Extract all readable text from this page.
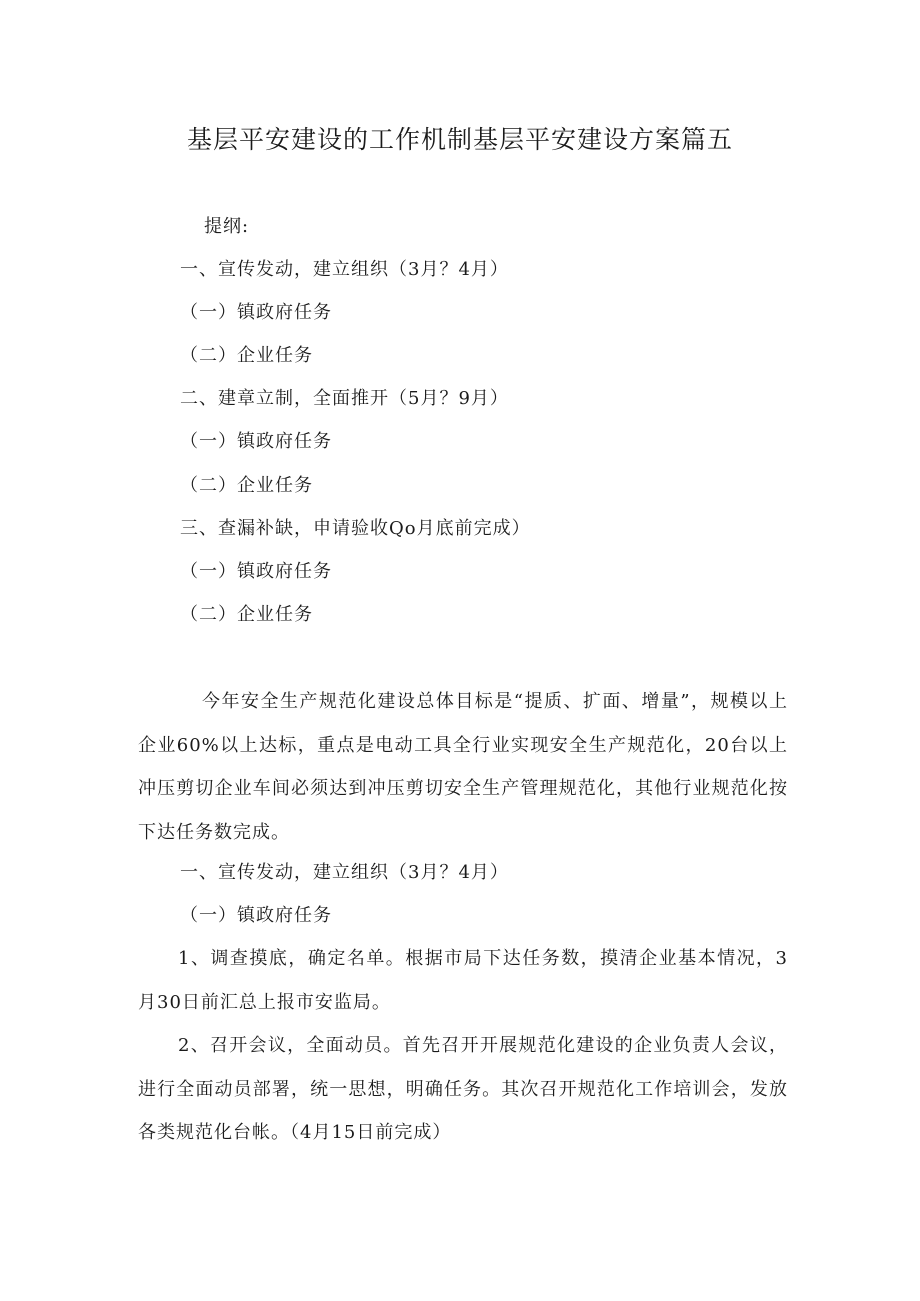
基层平安建设的工作机制基层平安建设方案篇五
提纲:
一、宣传发动，建立组织（3月？4月）
（一）镇政府任务
（二）企业任务
二、建章立制，全面推开（5月？9月）
（一）镇政府任务
（二）企业任务
三、查漏补缺，申请验收Qo月底前完成）
（一）镇政府任务
（二）企业任务
今年安全生产规范化建设总体目标是“提质、扩面、增量”，规模以上企业60%以上达标，重点是电动工具全行业实现安全生产规范化，20台以上冲压剪切企业车间必须达到冲压剪切安全生产管理规范化，其他行业规范化按下达任务数完成。
一、宣传发动，建立组织（3月？4月）
（一）镇政府任务
1、调查摸底，确定名单。根据市局下达任务数，摸清企业基本情况，3月30日前汇总上报市安监局。
2、召开会议，全面动员。首先召开开展规范化建设的企业负责人会议，进行全面动员部署，统一思想，明确任务。其次召开规范化工作培训会，发放各类规范化台帐。（4月15日前完成）
